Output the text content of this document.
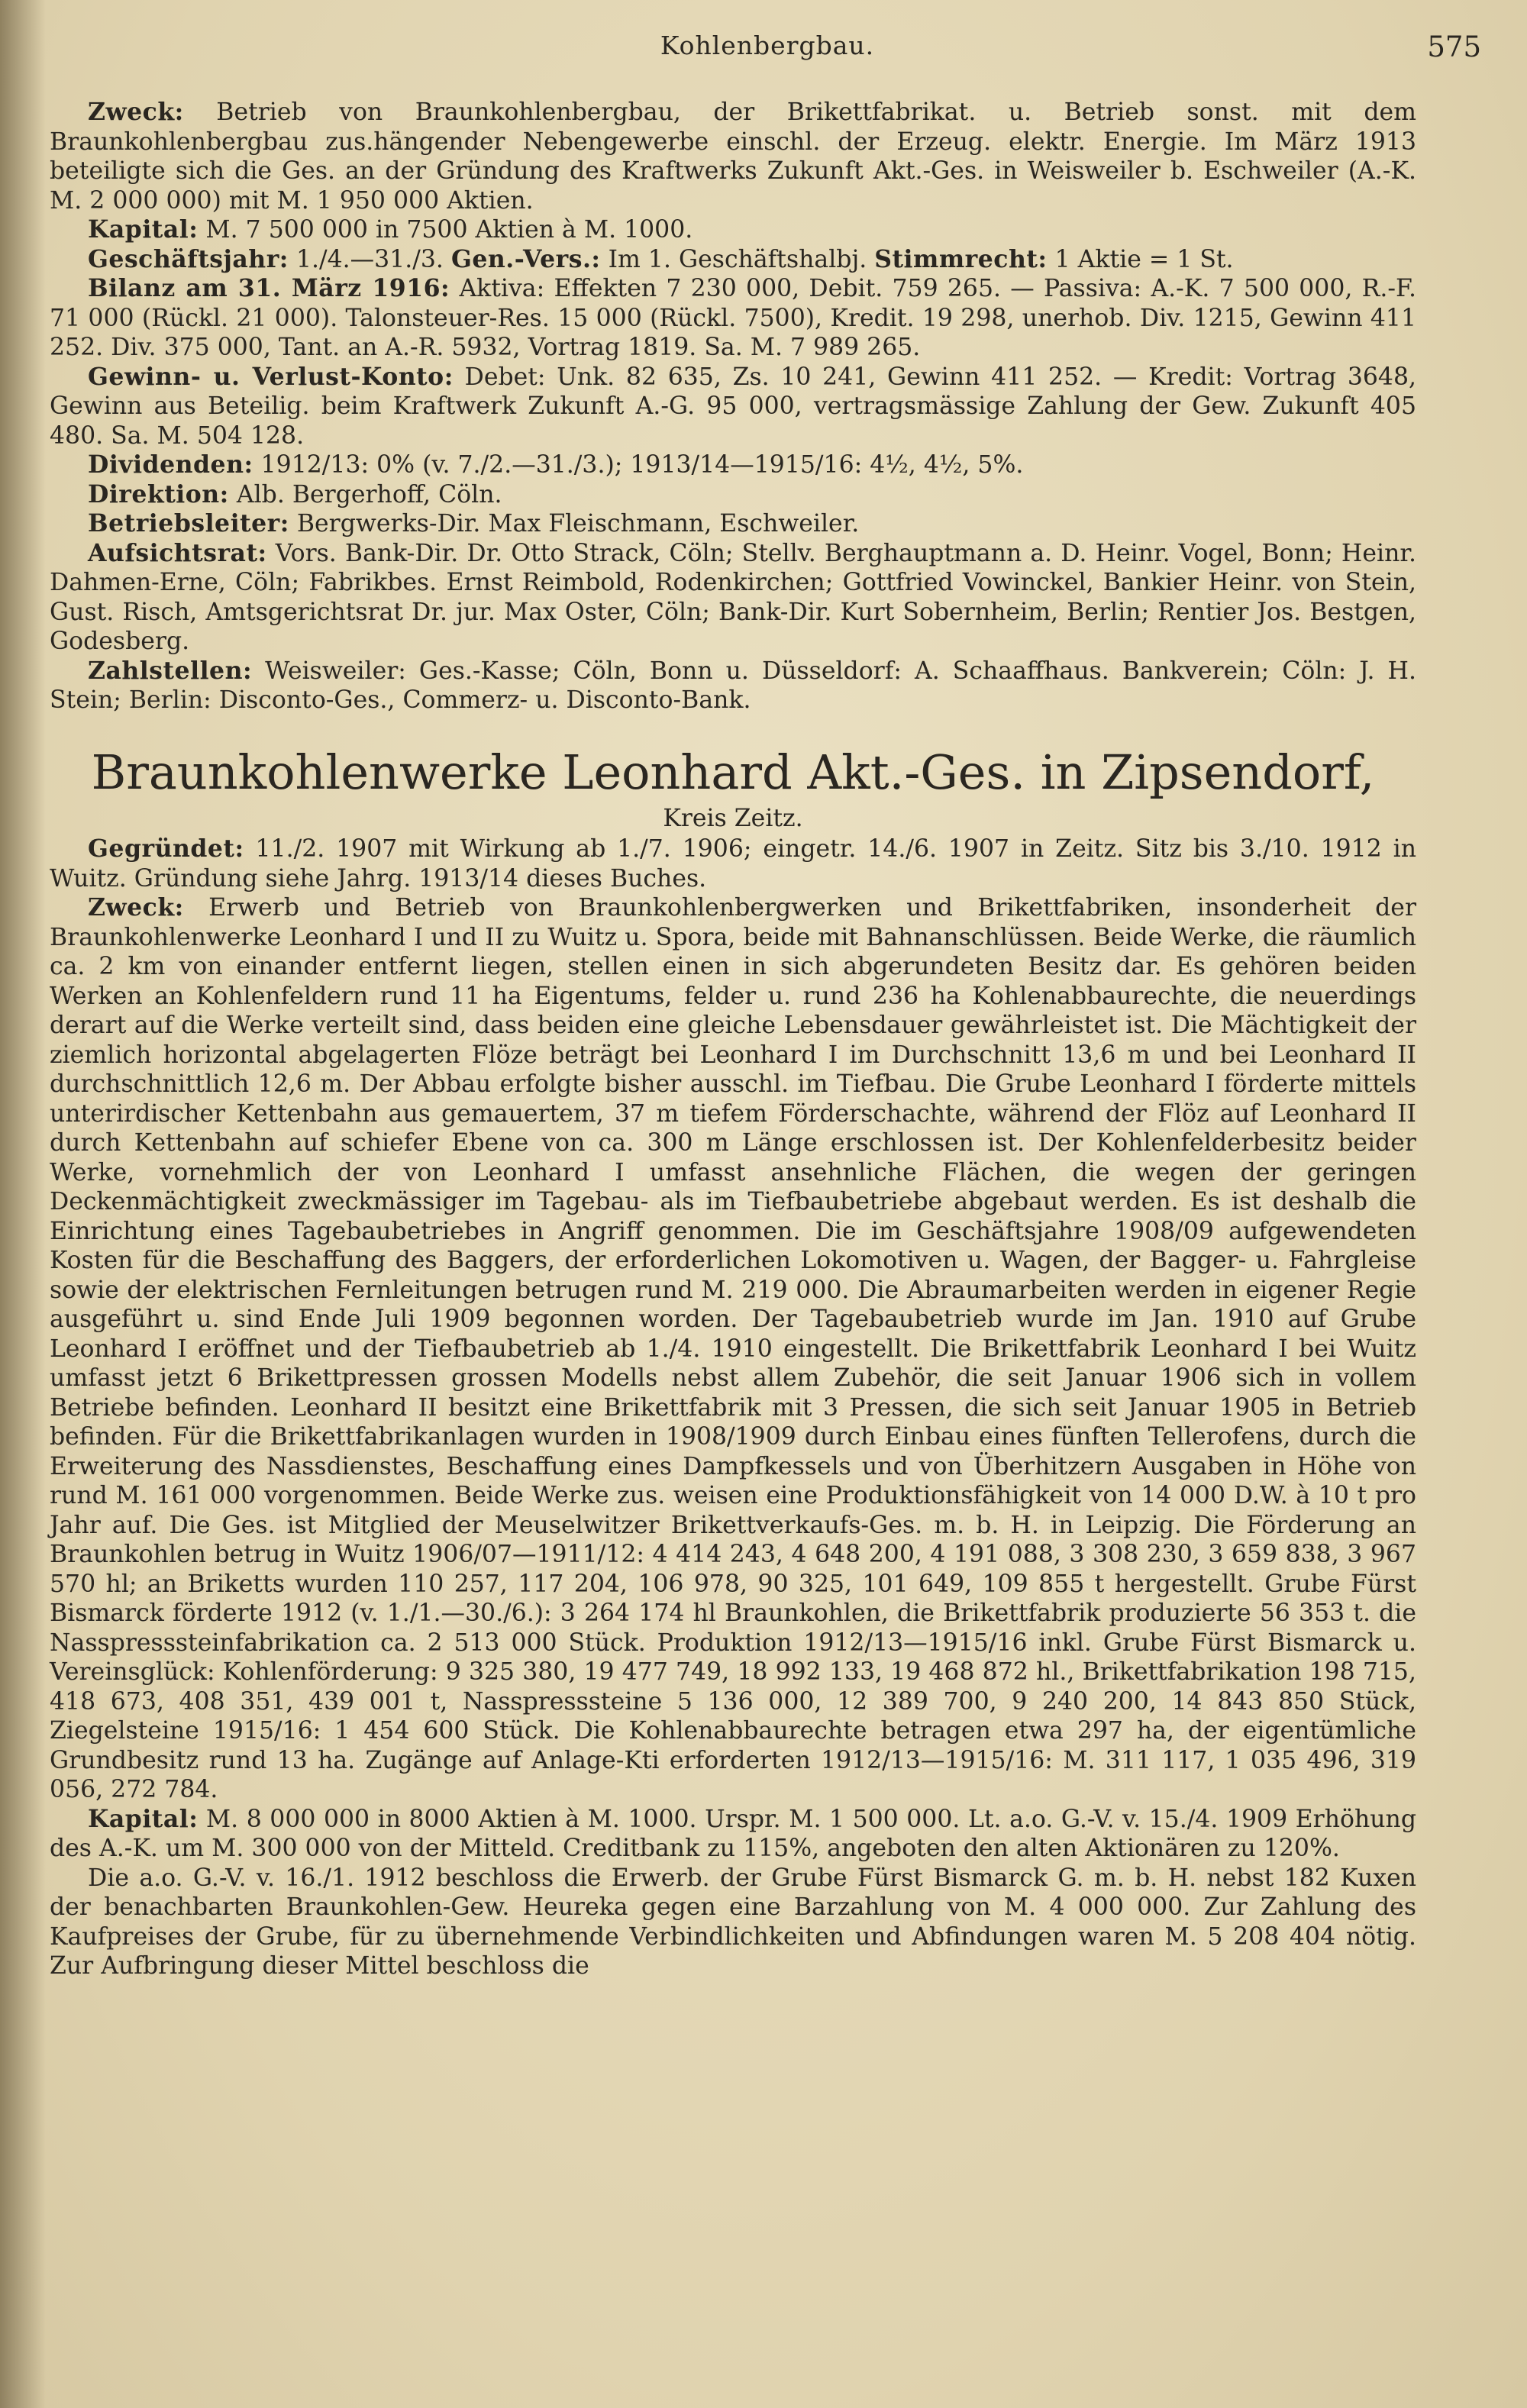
Kohlenbergbau.	575

Zweck: Betrieb von Braunkohlenbergbau, der Brikettfabrikat. u. Betrieb sonst. mit dem Braunkohlenbergbau zus.hängender Nebengewerbe einschl. der Erzeug. elektr. Energie. Im März 1913 beteiligte sich die Ges. an der Gründung des Kraftwerks Zukunft Akt.-Ges. in Weisweiler b. Eschweiler (A.-K. M. 2 000 000) mit M. 1 950 000 Aktien.

Kapital: M. 7 500 000 in 7500 Aktien à M. 1000.

Geschäftsjahr: 1./4.—31./3. Gen.-Vers.: Im 1. Geschäftshalbj. Stimmrecht: 1 Aktie = 1 St.

Bilanz am 31. März 1916: Aktiva: Effekten 7 230 000, Debit. 759 265. — Passiva: A.-K. 7 500 000, R.-F. 71 000 (Rückl. 21 000). Talonsteuer-Res. 15 000 (Rückl. 7500), Kredit. 19 298, unerhob. Div. 1215, Gewinn 411 252. Div. 375 000, Tant. an A.-R. 5932, Vortrag 1819. Sa. M. 7 989 265.

Gewinn- u. Verlust-Konto: Debet: Unk. 82 635, Zs. 10 241, Gewinn 411 252. — Kredit: Vortrag 3648, Gewinn aus Beteilig. beim Kraftwerk Zukunft A.-G. 95 000, vertragsmässige Zahlung der Gew. Zukunft 405 480. Sa. M. 504 128.

Dividenden: 1912/13: 0% (v. 7./2.—31./3.); 1913/14—1915/16: 4½, 4½, 5%.

Direktion: Alb. Bergerhoff, Cöln.

Betriebsleiter: Bergwerks-Dir. Max Fleischmann, Eschweiler.

Aufsichtsrat: Vors. Bank-Dir. Dr. Otto Strack, Cöln; Stellv. Berghauptmann a. D. Heinr. Vogel, Bonn; Heinr. Dahmen-Erne, Cöln; Fabrikbes. Ernst Reimbold, Rodenkirchen; Gottfried Vowinckel, Bankier Heinr. von Stein, Gust. Risch, Amtsgerichtsrat Dr. jur. Max Oster, Cöln; Bank-Dir. Kurt Sobernheim, Berlin; Rentier Jos. Bestgen, Godesberg.

Zahlstellen: Weisweiler: Ges.-Kasse; Cöln, Bonn u. Düsseldorf: A. Schaaffhaus. Bankverein; Cöln: J. H. Stein; Berlin: Disconto-Ges., Commerz- u. Disconto-Bank.

Braunkohlenwerke Leonhard Akt.-Ges. in Zipsendorf,
Kreis Zeitz.

Gegründet: 11./2. 1907 mit Wirkung ab 1./7. 1906; eingetr. 14./6. 1907 in Zeitz. Sitz bis 3./10. 1912 in Wuitz. Gründung siehe Jahrg. 1913/14 dieses Buches.

Zweck: Erwerb und Betrieb von Braunkohlenbergwerken und Brikettfabriken, insonderheit der Braunkohlenwerke Leonhard I und II zu Wuitz u. Spora, beide mit Bahnanschlüssen. Beide Werke, die räumlich ca. 2 km von einander entfernt liegen, stellen einen in sich abgerundeten Besitz dar. Es gehören beiden Werken an Kohlenfeldern rund 11 ha Eigentums, felder u. rund 236 ha Kohlenabbaurechte, die neuerdings derart auf die Werke verteilt sind, dass beiden eine gleiche Lebensdauer gewährleistet ist. Die Mächtigkeit der ziemlich horizontal abgelagerten Flöze beträgt bei Leonhard I im Durchschnitt 13,6 m und bei Leonhard II durchschnittlich 12,6 m. Der Abbau erfolgte bisher ausschl. im Tiefbau. Die Grube Leonhard I förderte mittels unterirdischer Kettenbahn aus gemauertem, 37 m tiefem Förderschachte, während der Flöz auf Leonhard II durch Kettenbahn auf schiefer Ebene von ca. 300 m Länge erschlossen ist. Der Kohlenfelderbesitz beider Werke, vornehmlich der von Leonhard I umfasst ansehnliche Flächen, die wegen der geringen Deckenmächtigkeit zweckmässiger im Tagebau- als im Tiefbaubetriebe abgebaut werden. Es ist deshalb die Einrichtung eines Tagebaubetriebes in Angriff genommen. Die im Geschäftsjahre 1908/09 aufgewendeten Kosten für die Beschaffung des Baggers, der erforderlichen Lokomotiven u. Wagen, der Bagger- u. Fahrgleise sowie der elektrischen Fernleitungen betrugen rund M. 219 000. Die Abraumarbeiten werden in eigener Regie ausgeführt u. sind Ende Juli 1909 begonnen worden. Der Tagebaubetrieb wurde im Jan. 1910 auf Grube Leonhard I eröffnet und der Tiefbaubetrieb ab 1./4. 1910 eingestellt. Die Brikettfabrik Leonhard I bei Wuitz umfasst jetzt 6 Brikettpressen grossen Modells nebst allem Zubehör, die seit Januar 1906 sich in vollem Betriebe befinden. Leonhard II besitzt eine Brikettfabrik mit 3 Pressen, die sich seit Januar 1905 in Betrieb befinden. Für die Brikettfabrikanlagen wurden in 1908/1909 durch Einbau eines fünften Tellerofens, durch die Erweiterung des Nassdienstes, Beschaffung eines Dampfkessels und von Überhitzern Ausgaben in Höhe von rund M. 161 000 vorgenommen. Beide Werke zus. weisen eine Produktionsfähigkeit von 14 000 D.W. à 10 t pro Jahr auf. Die Ges. ist Mitglied der Meuselwitzer Brikettverkaufs-Ges. m. b. H. in Leipzig. Die Förderung an Braunkohlen betrug in Wuitz 1906/07—1911/12: 4 414 243, 4 648 200, 4 191 088, 3 308 230, 3 659 838, 3 967 570 hl; an Briketts wurden 110 257, 117 204, 106 978, 90 325, 101 649, 109 855 t hergestellt. Grube Fürst Bismarck förderte 1912 (v. 1./1.—30./6.): 3 264 174 hl Braunkohlen, die Brikettfabrik produzierte 56 353 t. die Nasspresssteinfabrikation ca. 2 513 000 Stück. Produktion 1912/13—1915/16 inkl. Grube Fürst Bismarck u. Vereinsglück: Kohlenförderung: 9 325 380, 19 477 749, 18 992 133, 19 468 872 hl., Brikettfabrikation 198 715, 418 673, 408 351, 439 001 t, Nasspresssteine 5 136 000, 12 389 700, 9 240 200, 14 843 850 Stück, Ziegelsteine 1915/16: 1 454 600 Stück. Die Kohlenabbaurechte betragen etwa 297 ha, der eigentümliche Grundbesitz rund 13 ha. Zugänge auf Anlage-Kti erforderten 1912/13—1915/16: M. 311 117, 1 035 496, 319 056, 272 784.

Kapital: M. 8 000 000 in 8000 Aktien à M. 1000. Urspr. M. 1 500 000. Lt. a.o. G.-V. v. 15./4. 1909 Erhöhung des A.-K. um M. 300 000 von der Mitteld. Creditbank zu 115%, angeboten den alten Aktionären zu 120%.

Die a.o. G.-V. v. 16./1. 1912 beschloss die Erwerb. der Grube Fürst Bismarck G. m. b. H. nebst 182 Kuxen der benachbarten Braunkohlen-Gew. Heureka gegen eine Barzahlung von M. 4 000 000. Zur Zahlung des Kaufpreises der Grube, für zu übernehmende Verbindlichkeiten und Abfindungen waren M. 5 208 404 nötig. Zur Aufbringung dieser Mittel beschloss die
